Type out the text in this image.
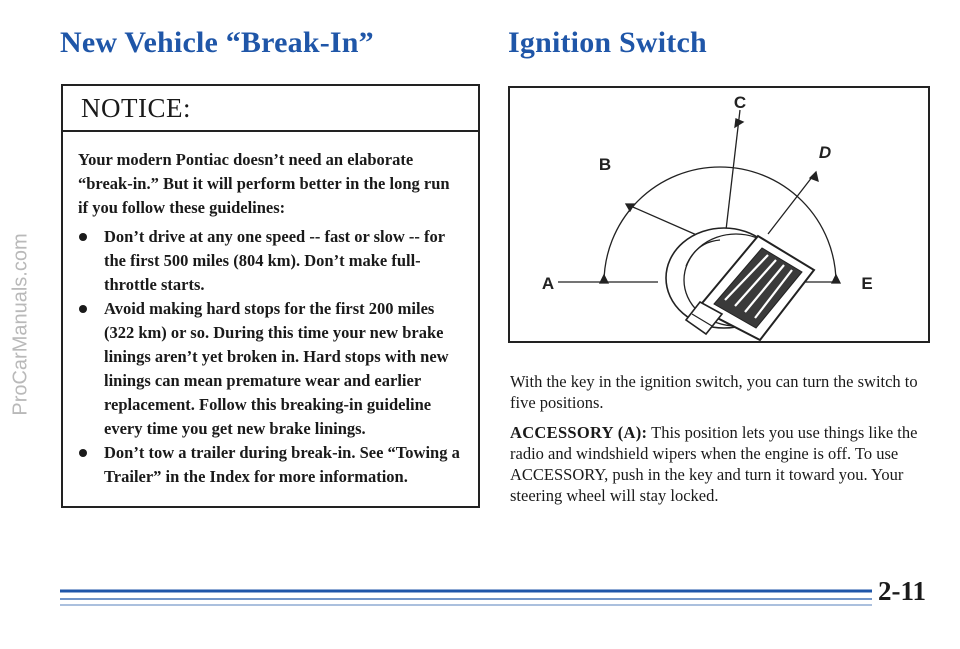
ProCarManuals.com
New Vehicle “Break-In”	Ignition Switch
NOTICE:

Your modern Pontiac doesn’t need an elaborate “break-in.” But it will perform better in the long run if you follow these guidelines:

Don’t drive at any one speed -- fast or slow -- for the first 500 miles (804 km). Don’t make full-throttle starts.
Avoid making hard stops for the first 200 miles (322 km) or so. During this time your new brake linings aren’t yet broken in. Hard stops with new linings can mean premature wear and earlier replacement. Follow this breaking-in guideline every time you get new brake linings.
Don’t tow a trailer during break-in. See “Towing a Trailer” in the Index for more information.
C
D
B
A	E

With the key in the ignition switch, you can turn the switch to five positions.

ACCESSORY (A): This position lets you use things like the radio and windshield wipers when the engine is off. To use ACCESSORY, push in the key and turn it toward you. Your steering wheel will stay locked.

2-11
